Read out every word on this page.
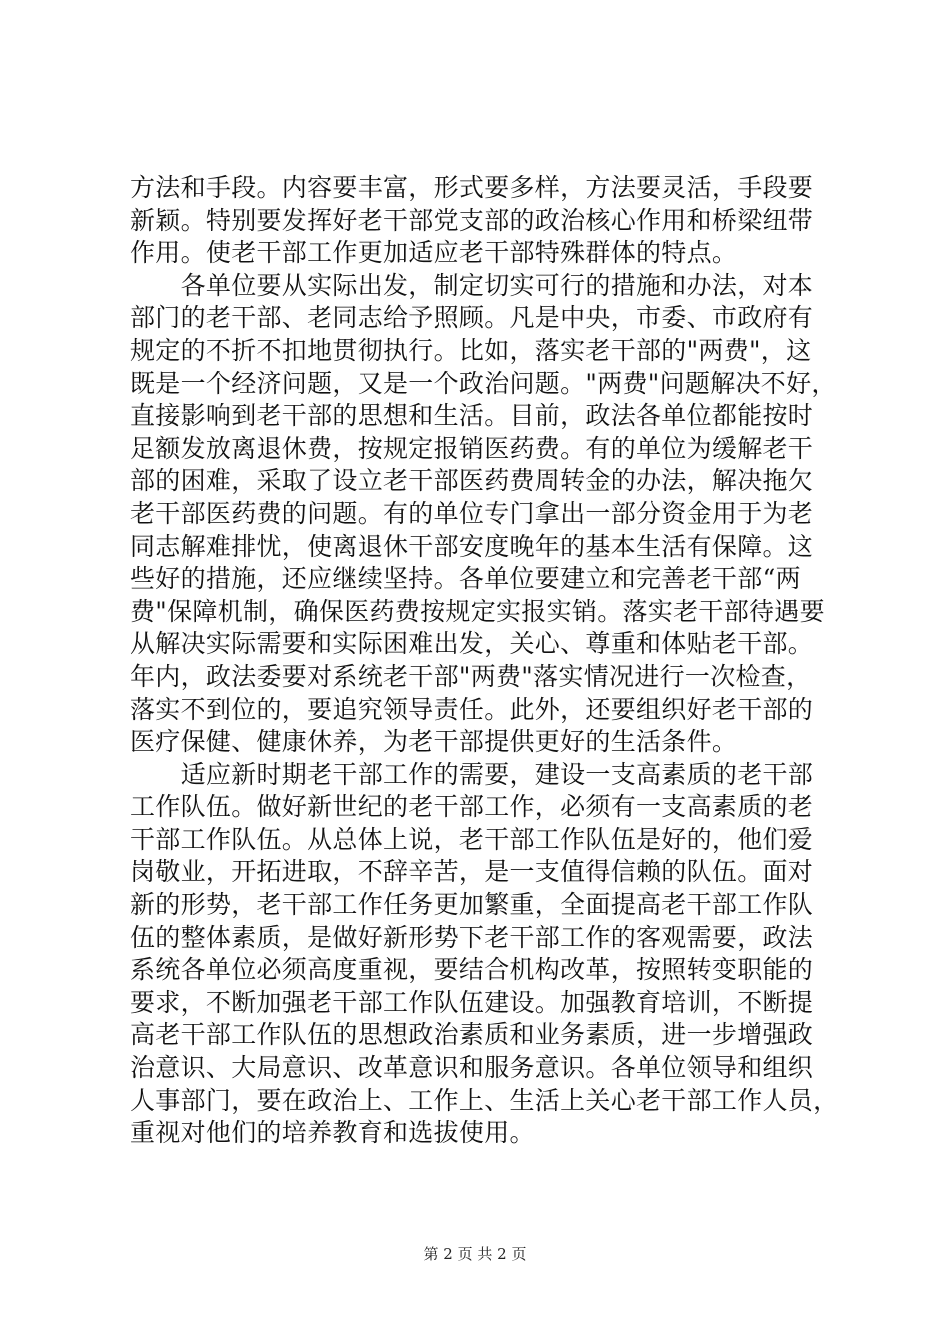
方法和手段。内容要丰富，形式要多样，方法要灵活，手段要
新颖。特别要发挥好老干部党支部的政治核心作用和桥梁纽带
作用。使老干部工作更加适应老干部特殊群体的特点。
　　各单位要从实际出发，制定切实可行的措施和办法，对本
部门的老干部、老同志给予照顾。凡是中央，市委、市政府有
规定的不折不扣地贯彻执行。比如，落实老干部的"两费"，这
既是一个经济问题，又是一个政治问题。"两费"问题解决不好，
直接影响到老干部的思想和生活。目前，政法各单位都能按时
足额发放离退休费，按规定报销医药费。有的单位为缓解老干
部的困难，采取了设立老干部医药费周转金的办法，解决拖欠
老干部医药费的问题。有的单位专门拿出一部分资金用于为老
同志解难排忧，使离退休干部安度晚年的基本生活有保障。这
些好的措施，还应继续坚持。各单位要建立和完善老干部“两
费"保障机制，确保医药费按规定实报实销。落实老干部待遇要
从解决实际需要和实际困难出发，关心、尊重和体贴老干部。
年内，政法委要对系统老干部"两费"落实情况进行一次检查，
落实不到位的，要追究领导责任。此外，还要组织好老干部的
医疗保健、健康休养，为老干部提供更好的生活条件。
　　适应新时期老干部工作的需要，建设一支高素质的老干部
工作队伍。做好新世纪的老干部工作，必须有一支高素质的老
干部工作队伍。从总体上说，老干部工作队伍是好的，他们爱
岗敬业，开拓进取，不辞辛苦，是一支值得信赖的队伍。面对
新的形势，老干部工作任务更加繁重，全面提高老干部工作队
伍的整体素质，是做好新形势下老干部工作的客观需要，政法
系统各单位必须高度重视，要结合机构改革，按照转变职能的
要求，不断加强老干部工作队伍建设。加强教育培训，不断提
高老干部工作队伍的思想政治素质和业务素质，进一步增强政
治意识、大局意识、改革意识和服务意识。各单位领导和组织
人事部门，要在政治上、工作上、生活上关心老干部工作人员，
重视对他们的培养教育和选拔使用。
第 2 页 共 2 页
